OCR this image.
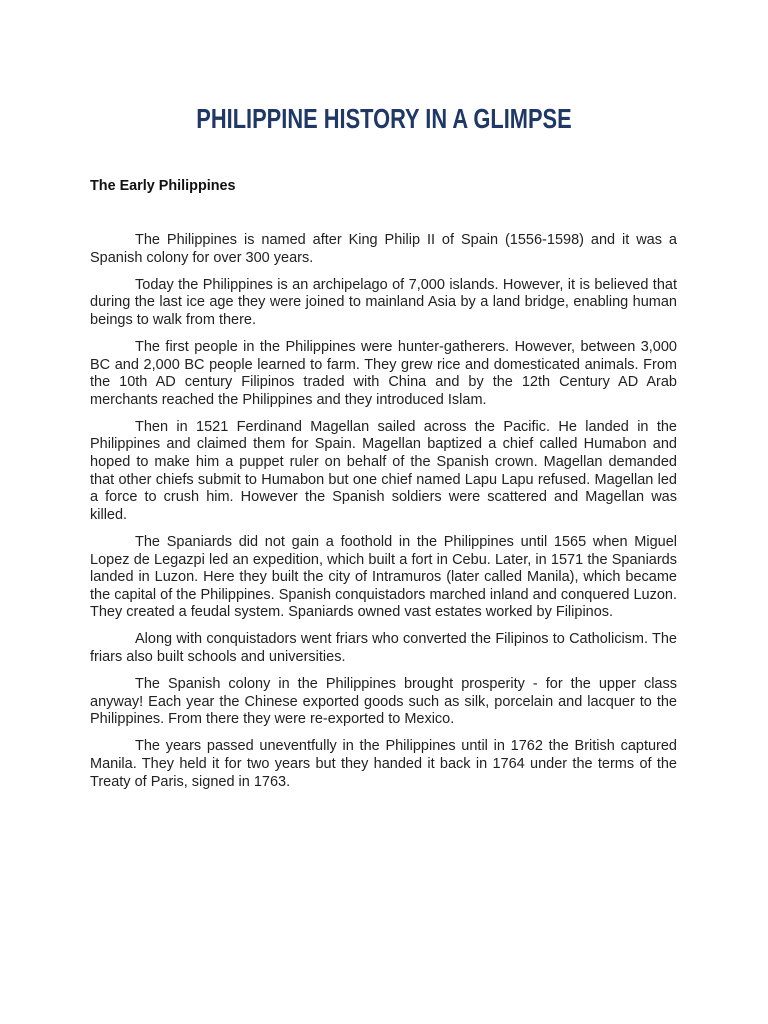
PHILIPPINE HISTORY IN A GLIMPSE
The Early Philippines

The Philippines is named after King Philip II of Spain (1556-1598) and it was a Spanish colony for over 300 years.

Today the Philippines is an archipelago of 7,000 islands. However, it is believed that during the last ice age they were joined to mainland Asia by a land bridge, enabling human beings to walk from there.

The first people in the Philippines were hunter-gatherers. However, between 3,000 BC and 2,000 BC people learned to farm. They grew rice and domesticated animals. From the 10th AD century Filipinos traded with China and by the 12th Century AD Arab merchants reached the Philippines and they introduced Islam.

Then in 1521 Ferdinand Magellan sailed across the Pacific. He landed in the Philippines and claimed them for Spain. Magellan baptized a chief called Humabon and hoped to make him a puppet ruler on behalf of the Spanish crown. Magellan demanded that other chiefs submit to Humabon but one chief named Lapu Lapu refused. Magellan led a force to crush him. However the Spanish soldiers were scattered and Magellan was killed.

The Spaniards did not gain a foothold in the Philippines until 1565 when Miguel Lopez de Legazpi led an expedition, which built a fort in Cebu. Later, in 1571 the Spaniards landed in Luzon. Here they built the city of Intramuros (later called Manila), which became the capital of the Philippines. Spanish conquistadors marched inland and conquered Luzon. They created a feudal system. Spaniards owned vast estates worked by Filipinos.

Along with conquistadors went friars who converted the Filipinos to Catholicism. The friars also built schools and universities.

The Spanish colony in the Philippines brought prosperity - for the upper class anyway! Each year the Chinese exported goods such as silk, porcelain and lacquer to the Philippines. From there they were re-exported to Mexico.

The years passed uneventfully in the Philippines until in 1762 the British captured Manila. They held it for two years but they handed it back in 1764 under the terms of the Treaty of Paris, signed in 1763.
